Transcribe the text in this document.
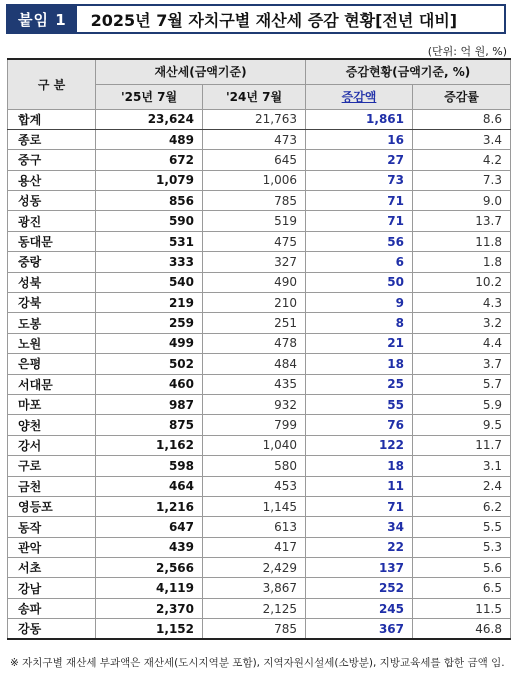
붙임 1	2025년 7월 자치구별 재산세 증감 현황[전년 대비]
(단위: 억 원, %)
구 분	재산세(금액기준)		증감현황(금액기준, %)	
	'25년 7월	'24년 7월	증감액	증감률
합계	23,624	21,763	1,861	8.6
종로	489	473	16	3.4
중구	672	645	27	4.2
용산	1,079	1,006	73	7.3
성동	856	785	71	9.0
광진	590	519	71	13.7
동대문	531	475	56	11.8
중랑	333	327	6	1.8
성북	540	490	50	10.2
강북	219	210	9	4.3
도봉	259	251	8	3.2
노원	499	478	21	4.4
은평	502	484	18	3.7
서대문	460	435	25	5.7
마포	987	932	55	5.9
양천	875	799	76	9.5
강서	1,162	1,040	122	11.7
구로	598	580	18	3.1
금천	464	453	11	2.4
영등포	1,216	1,145	71	6.2
동작	647	613	34	5.5
관악	439	417	22	5.3
서초	2,566	2,429	137	5.6
강남	4,119	3,867	252	6.5
송파	2,370	2,125	245	11.5
강동	1,152	785	367	46.8
※ 자치구별 재산세 부과액은 재산세(도시지역분 포함), 지역자원시설세(소방분), 지방교육세를 합한 금액 임.
